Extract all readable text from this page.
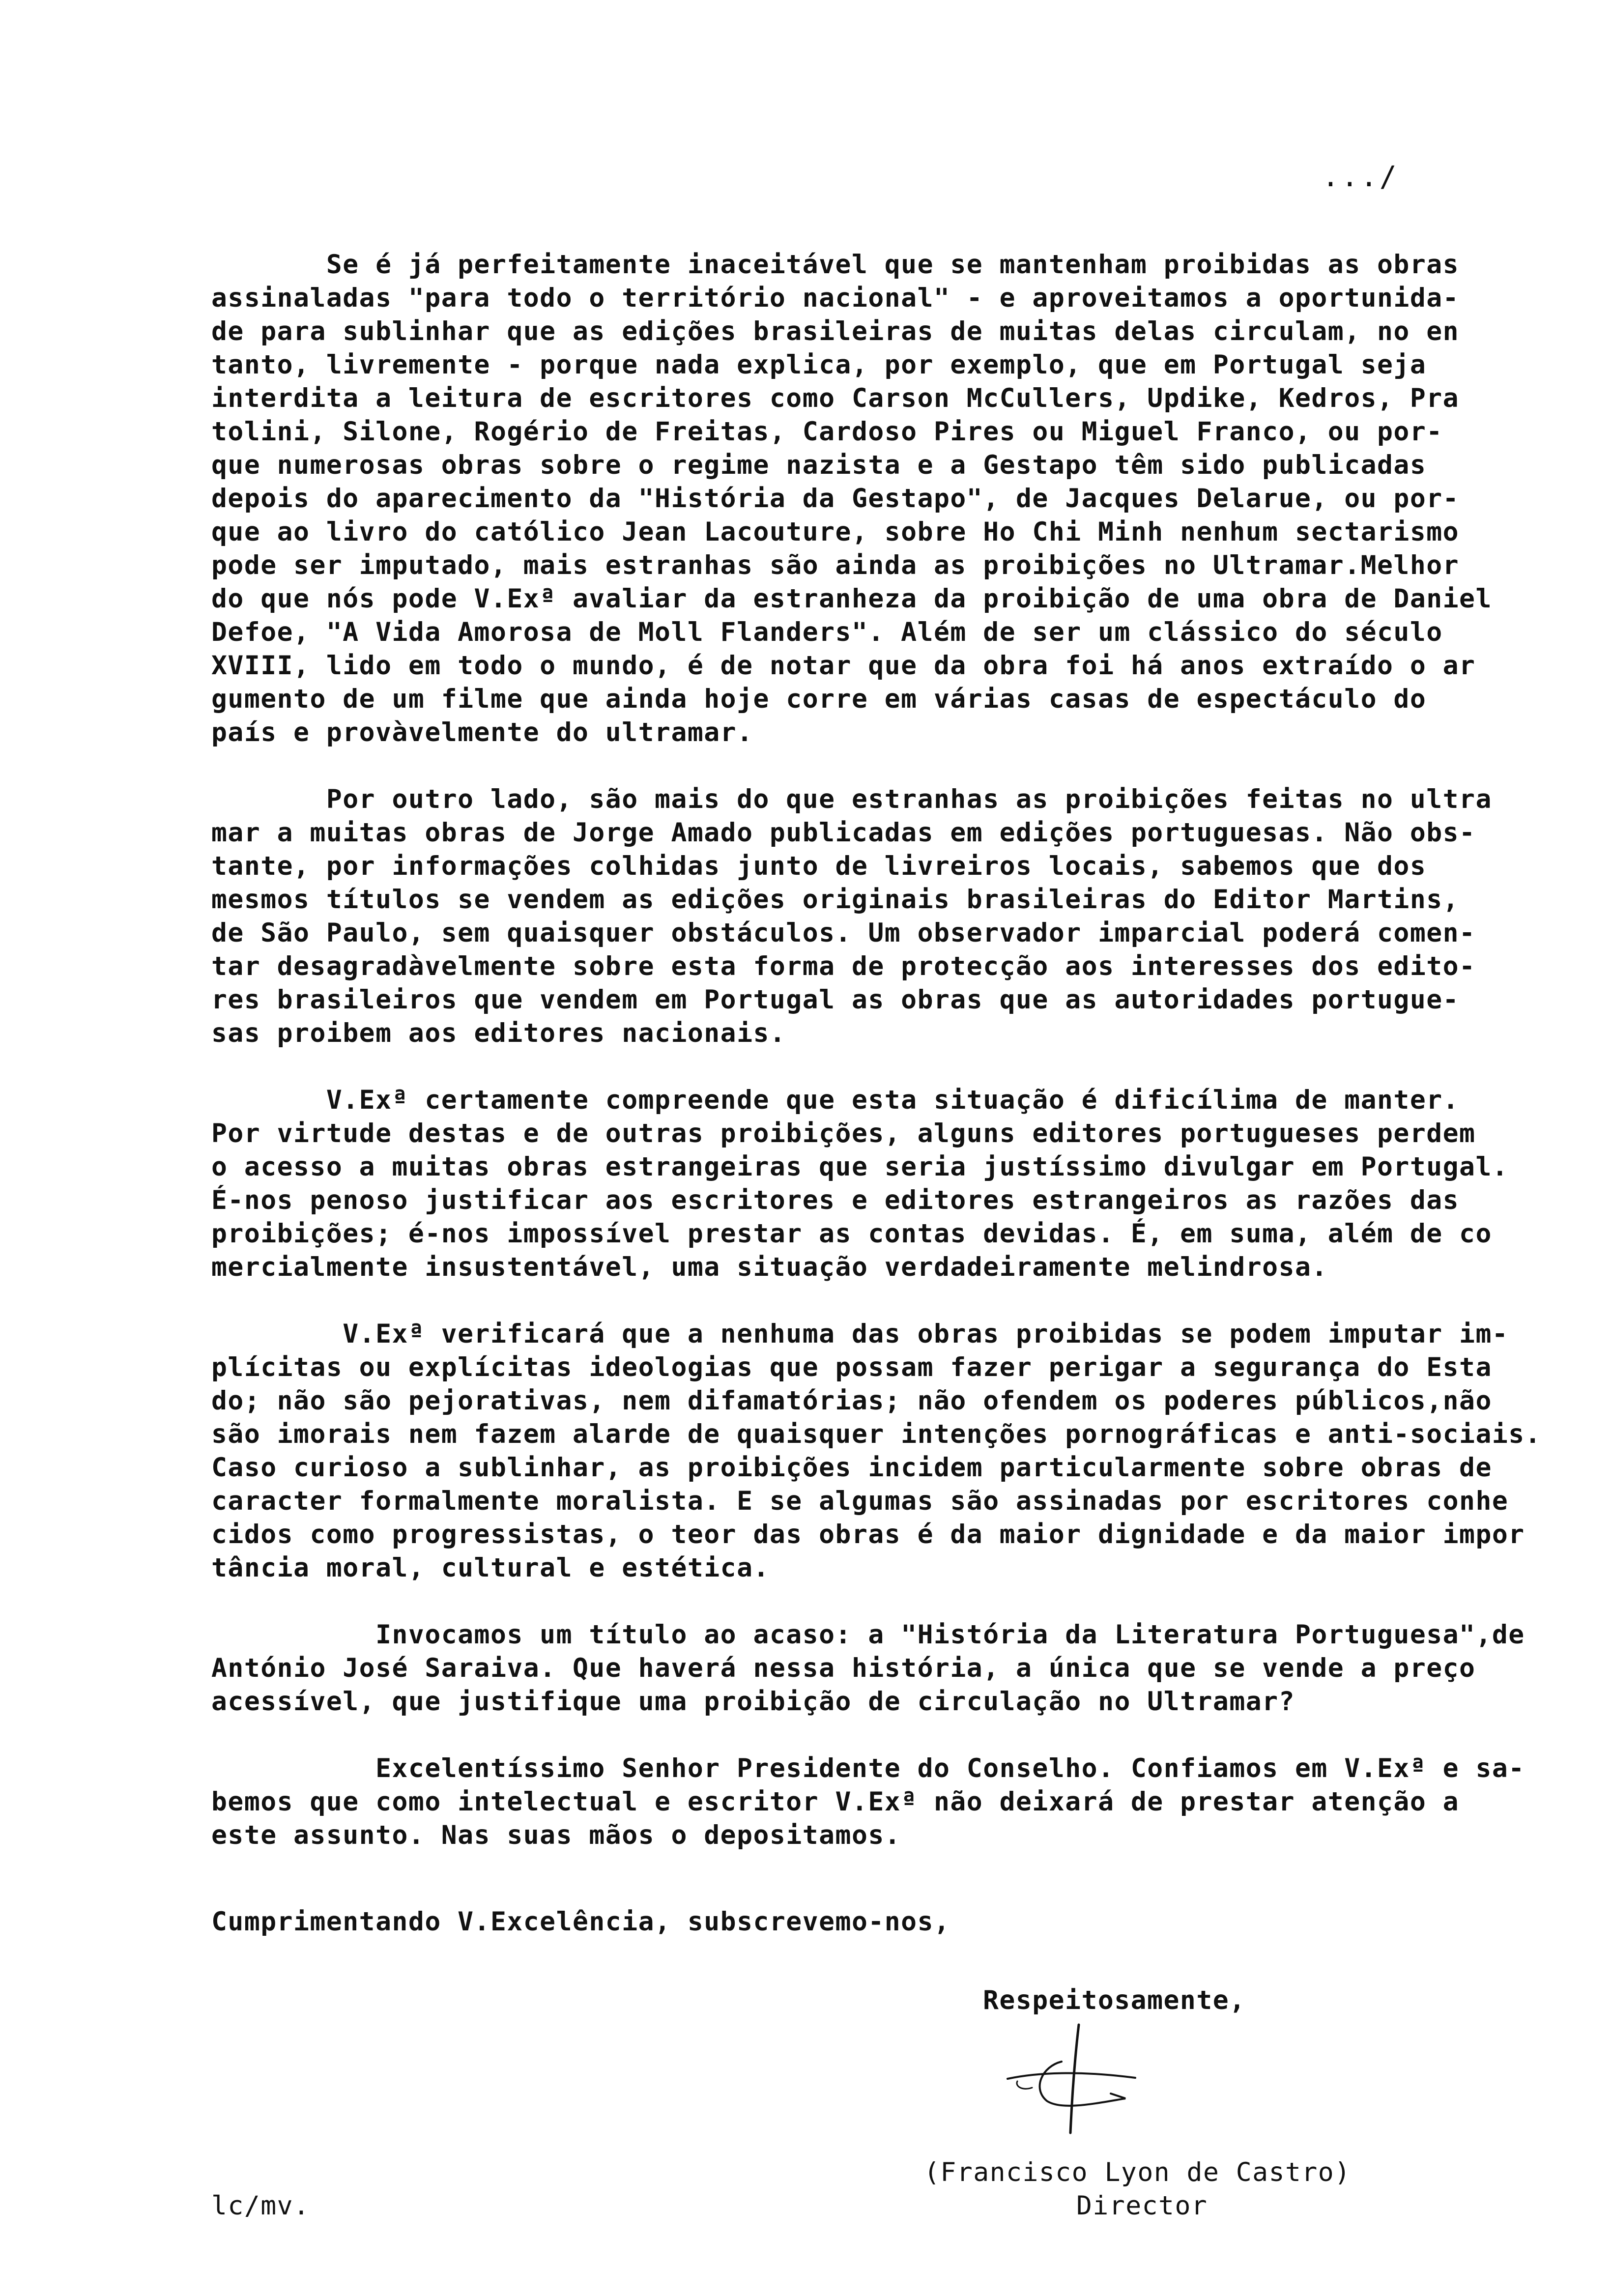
.../
Se é já perfeitamente inaceitável que se mantenham proibidas as obras
assinaladas "para todo o território nacional" - e aproveitamos a oportunida-
de para sublinhar que as edições brasileiras de muitas delas circulam, no en
tanto, livremente - porque nada explica, por exemplo, que em Portugal seja
interdita a leitura de escritores como Carson McCullers, Updike, Kedros, Pra
tolini, Silone, Rogério de Freitas, Cardoso Pires ou Miguel Franco, ou por-
que numerosas obras sobre o regime nazista e a Gestapo têm sido publicadas
depois do aparecimento da "História da Gestapo", de Jacques Delarue, ou por-
que ao livro do católico Jean Lacouture, sobre Ho Chi Minh nenhum sectarismo
pode ser imputado, mais estranhas são ainda as proibições no Ultramar.Melhor
do que nós pode V.Exª avaliar da estranheza da proibição de uma obra de Daniel
Defoe, "A Vida Amorosa de Moll Flanders". Além de ser um clássico do século
XVIII, lido em todo o mundo, é de notar que da obra foi há anos extraído o ar
gumento de um filme que ainda hoje corre em várias casas de espectáculo do
país e provàvelmente do ultramar.
Por outro lado, são mais do que estranhas as proibições feitas no ultra
mar a muitas obras de Jorge Amado publicadas em edições portuguesas. Não obs-
tante, por informações colhidas junto de livreiros locais, sabemos que dos
mesmos títulos se vendem as edições originais brasileiras do Editor Martins,
de São Paulo, sem quaisquer obstáculos. Um observador imparcial poderá comen-
tar desagradàvelmente sobre esta forma de protecção aos interesses dos edito-
res brasileiros que vendem em Portugal as obras que as autoridades portugue-
sas proibem aos editores nacionais.
V.Exª certamente compreende que esta situação é dificílima de manter.
Por virtude destas e de outras proibições, alguns editores portugueses perdem
o acesso a muitas obras estrangeiras que seria justíssimo divulgar em Portugal.
É-nos penoso justificar aos escritores e editores estrangeiros as razões das
proibições; é-nos impossível prestar as contas devidas. É, em suma, além de co
mercialmente insustentável, uma situação verdadeiramente melindrosa.
V.Exª verificará que a nenhuma das obras proibidas se podem imputar im-
plícitas ou explícitas ideologias que possam fazer perigar a segurança do Esta
do; não são pejorativas, nem difamatórias; não ofendem os poderes públicos,não
são imorais nem fazem alarde de quaisquer intenções pornográficas e anti-sociais.
Caso curioso a sublinhar, as proibições incidem particularmente sobre obras de
caracter formalmente moralista. E se algumas são assinadas por escritores conhe
cidos como progressistas, o teor das obras é da maior dignidade e da maior impor
tância moral, cultural e estética.
Invocamos um título ao acaso: a "História da Literatura Portuguesa",de
António José Saraiva. Que haverá nessa história, a única que se vende a preço
acessível, que justifique uma proibição de circulação no Ultramar?
Excelentíssimo Senhor Presidente do Conselho. Confiamos em V.Exª e sa-
bemos que como intelectual e escritor V.Exª não deixará de prestar atenção a
este assunto. Nas suas mãos o depositamos.
Cumprimentando V.Excelência, subscrevemo-nos,
Respeitosamente,
(Francisco Lyon de Castro)
Director
lc/mv.
